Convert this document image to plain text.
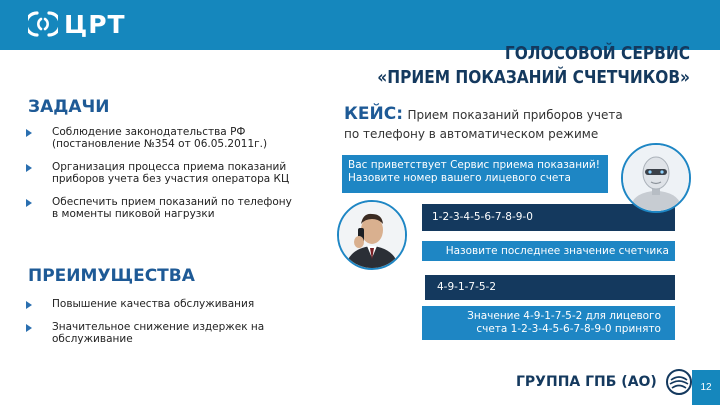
ЦРТ
ГОЛОСОВОЙ СЕРВИС
«ПРИЕМ ПОКАЗАНИЙ СЧЕТЧИКОВ»
ЗАДАЧИ
Соблюдение законодательства РФ
(постановление №354 от 06.05.2011г.)
Организация процесса приема показаний
приборов учета без участия оператора КЦ
Обеспечить прием показаний по телефону
в моменты пиковой нагрузки
ПРЕИМУЩЕСТВА
Повышение качества обслуживания
Значительное снижение издержек на
обслуживание
КЕЙС: Прием показаний приборов учета
по телефону в автоматическом режиме
Вас приветствует Сервис приема показаний!
Назовите номер вашего лицевого счета
1-2-3-4-5-6-7-8-9-0
Назовите последнее значение счетчика
4-9-1-7-5-2
Значение 4-9-1-7-5-2 для лицевого
счета 1-2-3-4-5-6-7-8-9-0 принято
ГРУППА ГПБ (АО)	12
